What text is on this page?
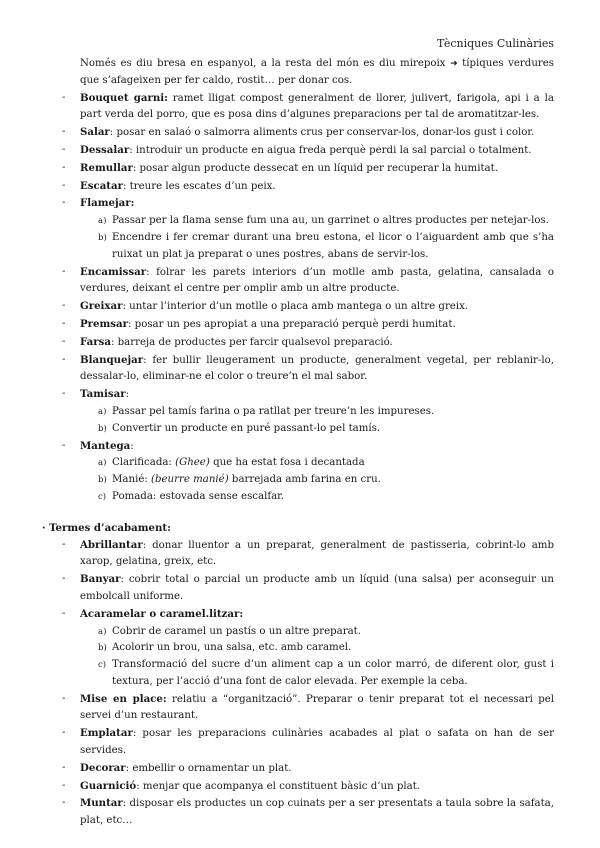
Tècniques Culinàries
Només es diu bresa en espanyol, a la resta del món es diu mirepoix ➜ típiques verdures que s’afageixen per fer caldo, rostit… per donar cos.
- Bouquet garni: ramet lligat compost generalment de llorer, julivert, farigola, api i a la part verda del porro, que es posa dins d’algunes preparacions per tal de aromatitzar-les.
- Salar: posar en salaó o salmorra aliments crus per conservar-los, donar-los gust i color.
- Dessalar: introduir un producte en aigua freda perquè perdi la sal parcial o totalment.
- Remullar: posar algun producte dessecat en un líquid per recuperar la humitat.
- Escatar: treure les escates d’un peix.
- Flamejar:
a) Passar per la flama sense fum una au, un garrinet o altres productes per netejar-los.
b) Encendre i fer cremar durant una breu estona, el licor o l’aiguardent amb que s’ha ruixat un plat ja preparat o unes postres, abans de servir-los.
- Encamissar: folrar les parets interiors d’un motlle amb pasta, gelatina, cansalada o verdures, deixant el centre per omplir amb un altre producte.
- Greixar: untar l’interior d’un motlle o placa amb mantega o un altre greix.
- Premsar: posar un pes apropiat a una preparació perquè perdi humitat.
- Farsa: barreja de productes per farcir qualsevol preparació.
- Blanquejar: fer bullir lleugerament un producte, generalment vegetal, per reblanir-lo, dessalar-lo, eliminar-ne el color o treure’n el mal sabor.
- Tamisar:
a) Passar pel tamís farina o pa ratllat per treure’n les impureses.
b) Convertir un producte en puré passant-lo pel tamís.
- Mantega:
a) Clarificada: (Ghee) que ha estat fosa i decantada
b) Manié: (beurre manié) barrejada amb farina en cru.
c) Pomada: estovada sense escalfar.
· Termes d’acabament:
- Abrillantar: donar lluentor a un preparat, generalment de pastisseria, cobrint-lo amb xarop, gelatina, greix, etc.
- Banyar: cobrir total o parcial un producte amb un líquid (una salsa) per aconseguir un embolcall uniforme.
- Acaramelar o caramel.litzar:
a) Cobrir de caramel un pastís o un altre preparat.
b) Acolorir un brou, una salsa, etc. amb caramel.
c) Transformació del sucre d’un aliment cap a un color marró, de diferent olor, gust i textura, per l’acció d’una font de calor elevada. Per exemple la ceba.
- Mise en place: relatiu a “organització”. Preparar o tenir preparat tot el necessari pel servei d’un restaurant.
- Emplatar: posar les preparacions culinàries acabades al plat o safata on han de ser servides.
- Decorar: embellir o ornamentar un plat.
- Guarnició: menjar que acompanya el constituent bàsic d’un plat.
- Muntar: disposar els productes un cop cuinats per a ser presentats a taula sobre la safata, plat, etc…
